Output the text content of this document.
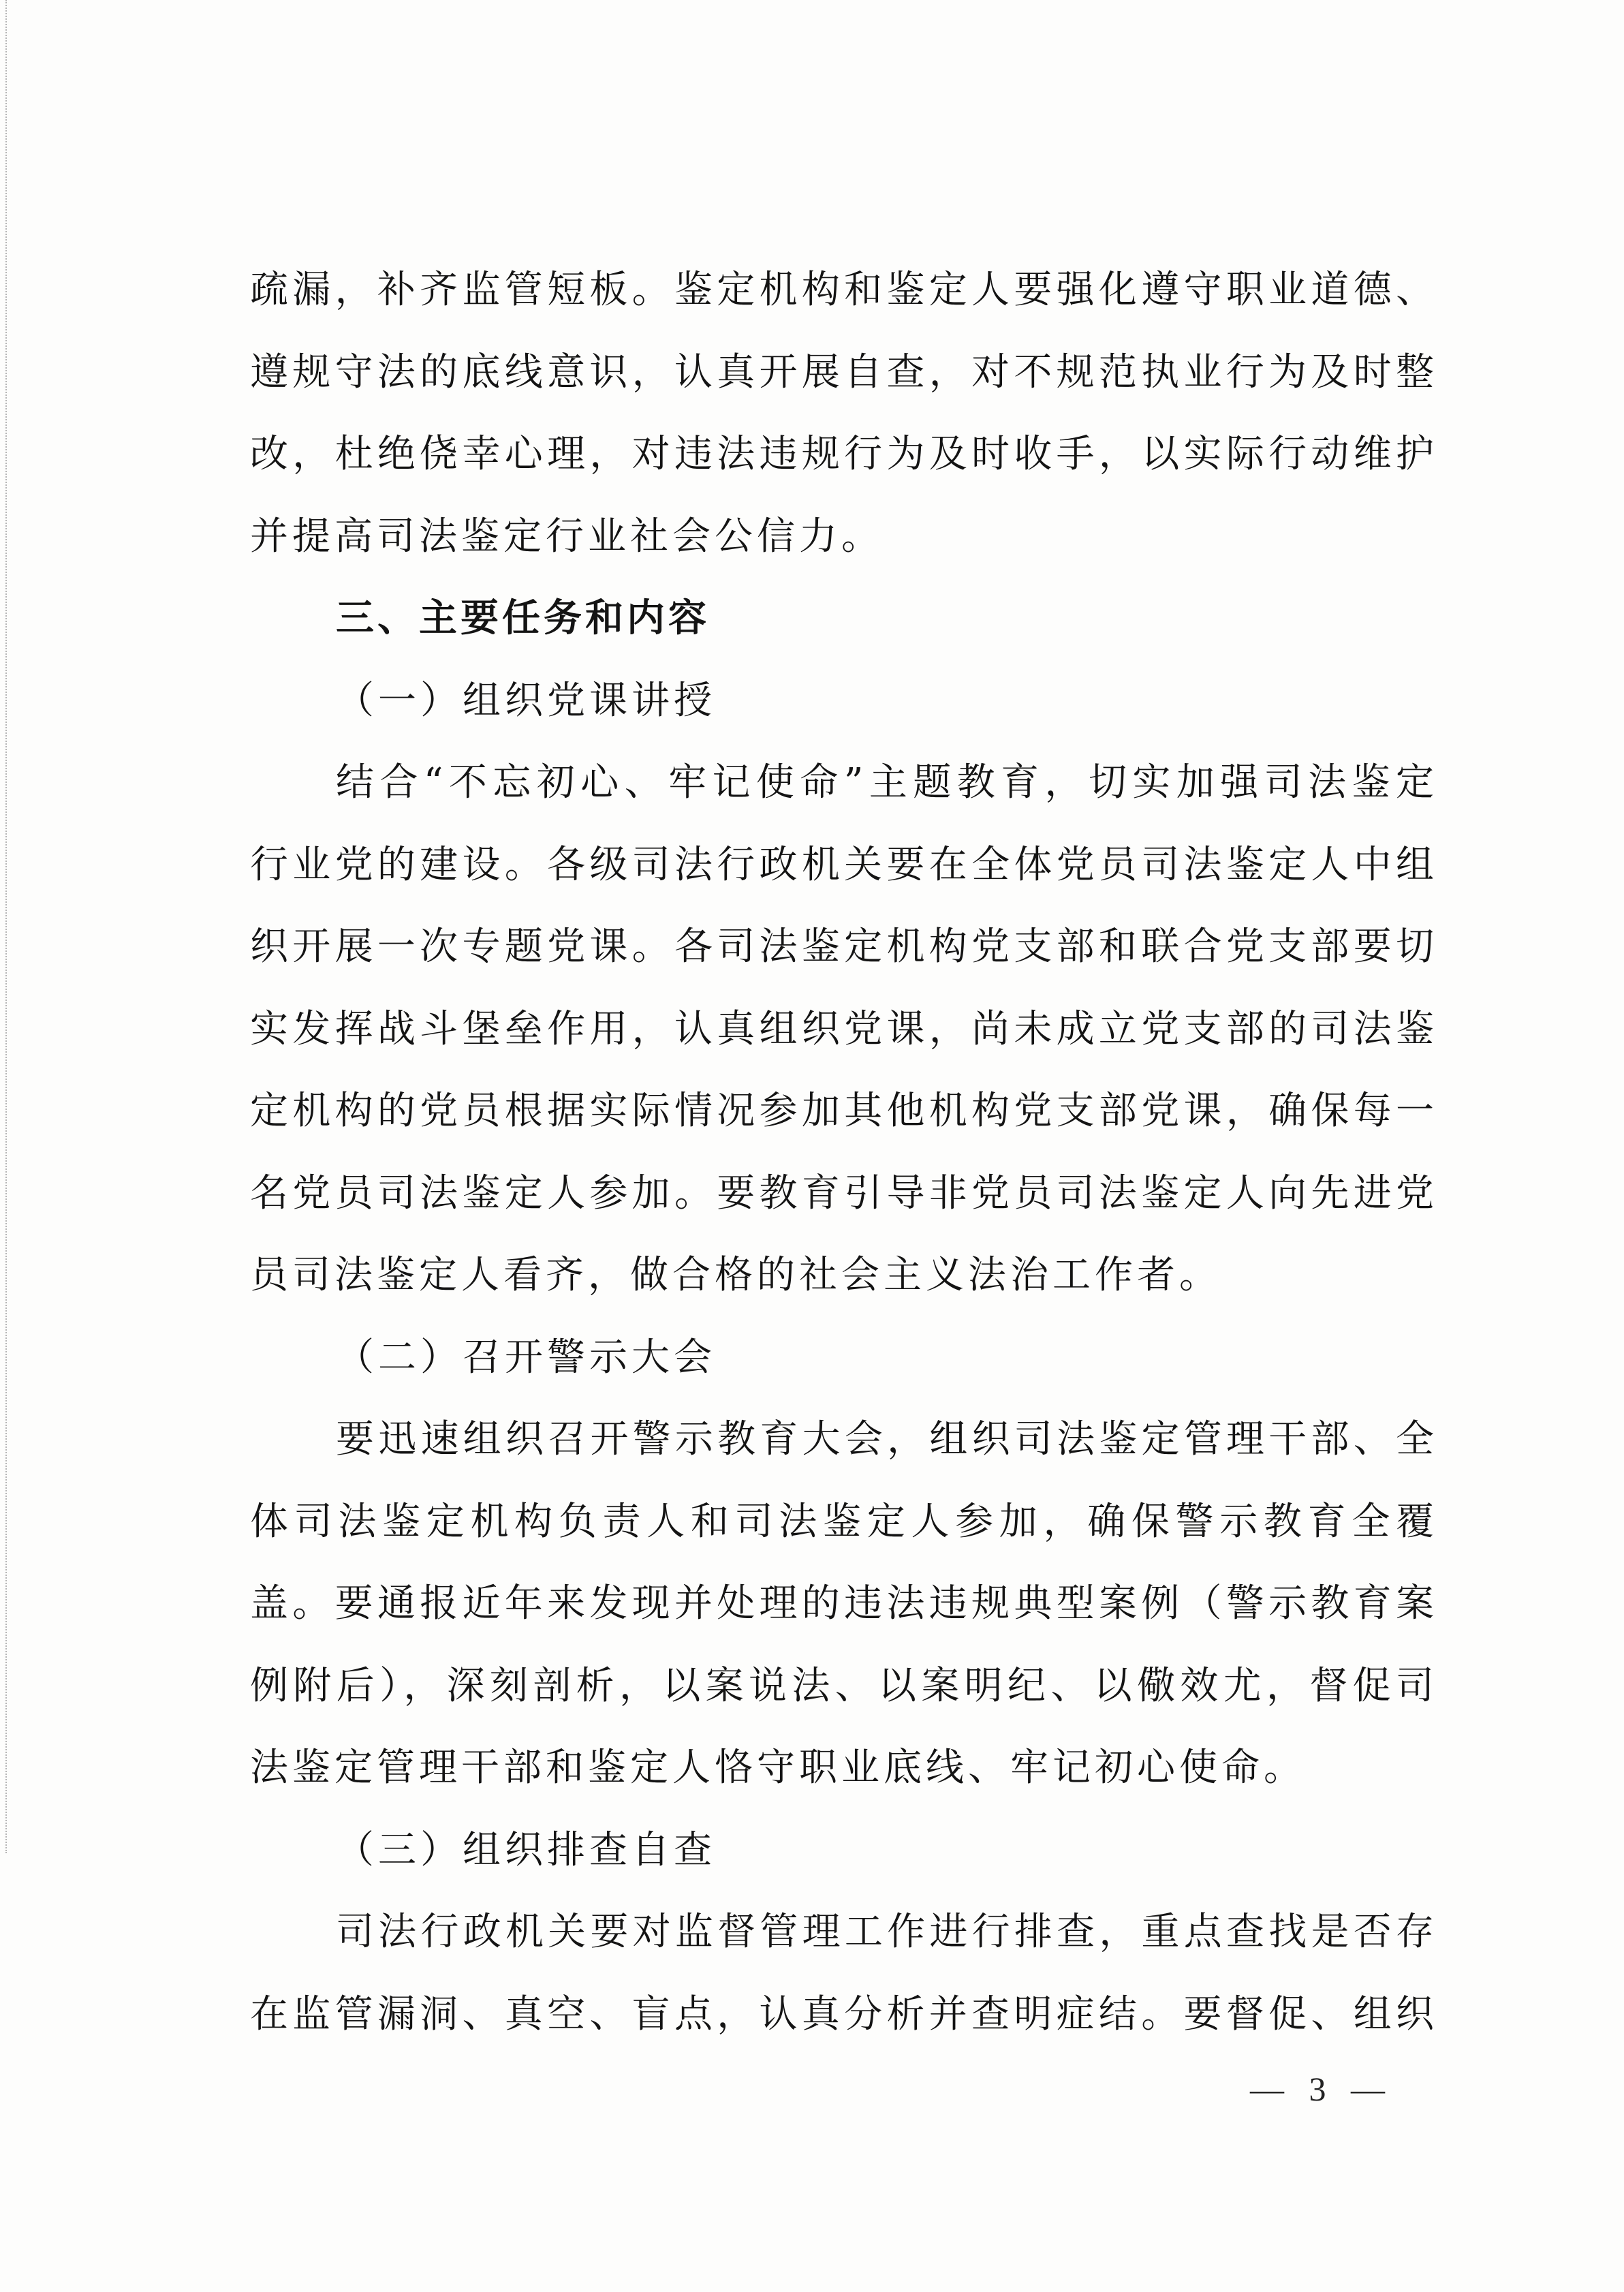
疏漏，补齐监管短板。鉴定机构和鉴定人要强化遵守职业道德、
遵规守法的底线意识，认真开展自查，对不规范执业行为及时整
改，杜绝侥幸心理，对违法违规行为及时收手，以实际行动维护
并提高司法鉴定行业社会公信力。
三、主要任务和内容
（一）组织党课讲授
结合“不忘初心、牢记使命”主题教育，切实加强司法鉴定
行业党的建设。各级司法行政机关要在全体党员司法鉴定人中组
织开展一次专题党课。各司法鉴定机构党支部和联合党支部要切
实发挥战斗堡垒作用，认真组织党课，尚未成立党支部的司法鉴
定机构的党员根据实际情况参加其他机构党支部党课，确保每一
名党员司法鉴定人参加。要教育引导非党员司法鉴定人向先进党
员司法鉴定人看齐，做合格的社会主义法治工作者。
（二）召开警示大会
要迅速组织召开警示教育大会，组织司法鉴定管理干部、全
体司法鉴定机构负责人和司法鉴定人参加，确保警示教育全覆
盖。要通报近年来发现并处理的违法违规典型案例（警示教育案
例附后），深刻剖析，以案说法、以案明纪、以儆效尤，督促司
法鉴定管理干部和鉴定人恪守职业底线、牢记初心使命。
（三）组织排查自查
司法行政机关要对监督管理工作进行排查，重点查找是否存
在监管漏洞、真空、盲点，认真分析并查明症结。要督促、组织
— 3 —
